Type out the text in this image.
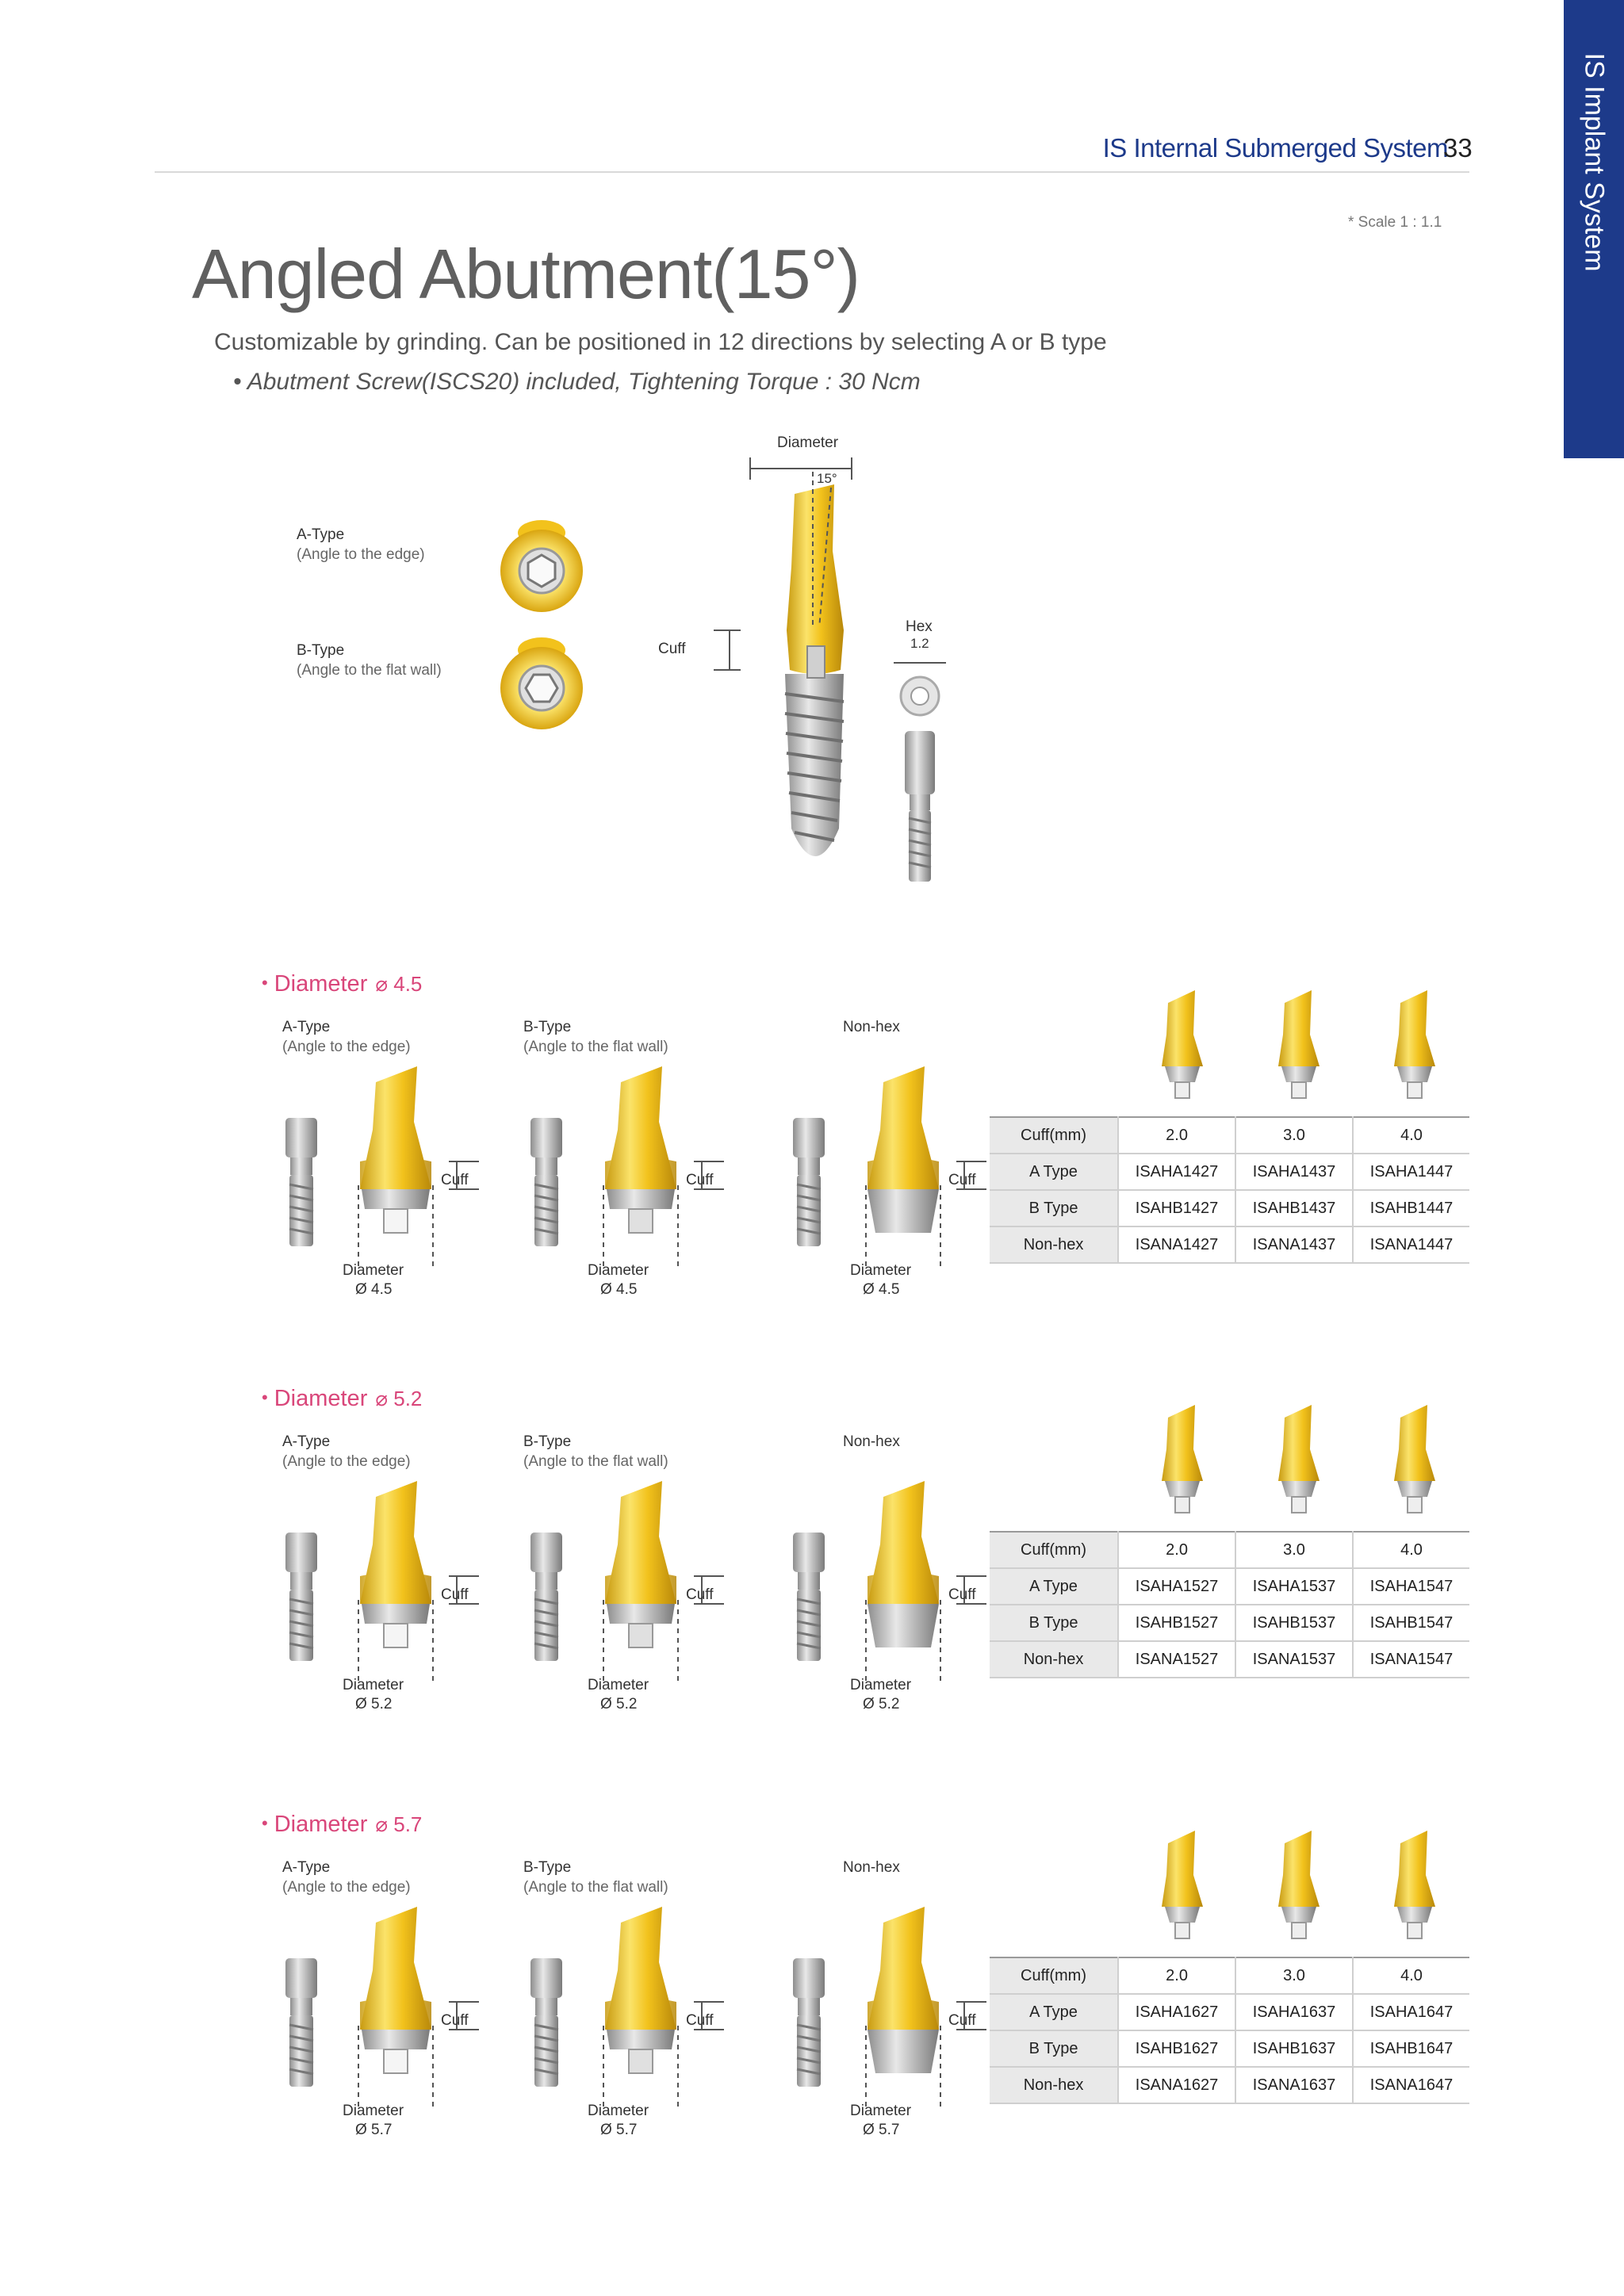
IS Implant System
IS Internal Submerged System
33
* Scale 1 : 1.1
Angled Abutment(15°)
Customizable by grinding. Can be positioned in 12 directions by selecting A or B type
• Abutment Screw(ISCS20) included, Tightening Torque : 30 Ncm
A-Type
(Angle to the edge)
B-Type
(Angle to the flat wall)
Diameter
15°
Cuff
Hex
1.2
• Diameter ⌀ 4.5
A-Type
(Angle to the edge)
Cuff
Diameter
Ø 4.5
B-Type
(Angle to the flat wall)
Cuff
Diameter
Ø 4.5
Non-hex
Cuff
Diameter
Ø 4.5
Cuff(mm)	2.0	3.0	4.0
A Type	ISAHA1427	ISAHA1437	ISAHA1447
B Type	ISAHB1427	ISAHB1437	ISAHB1447
Non-hex	ISANA1427	ISANA1437	ISANA1447
• Diameter ⌀ 5.2
A-Type
(Angle to the edge)
Cuff
Diameter
Ø 5.2
B-Type
(Angle to the flat wall)
Cuff
Diameter
Ø 5.2
Non-hex
Cuff
Diameter
Ø 5.2
Cuff(mm)	2.0	3.0	4.0
A Type	ISAHA1527	ISAHA1537	ISAHA1547
B Type	ISAHB1527	ISAHB1537	ISAHB1547
Non-hex	ISANA1527	ISANA1537	ISANA1547
• Diameter ⌀ 5.7
A-Type
(Angle to the edge)
Cuff
Diameter
Ø 5.7
B-Type
(Angle to the flat wall)
Cuff
Diameter
Ø 5.7
Non-hex
Cuff
Diameter
Ø 5.7
Cuff(mm)	2.0	3.0	4.0
A Type	ISAHA1627	ISAHA1637	ISAHA1647
B Type	ISAHB1627	ISAHB1637	ISAHB1647
Non-hex	ISANA1627	ISANA1637	ISANA1647
